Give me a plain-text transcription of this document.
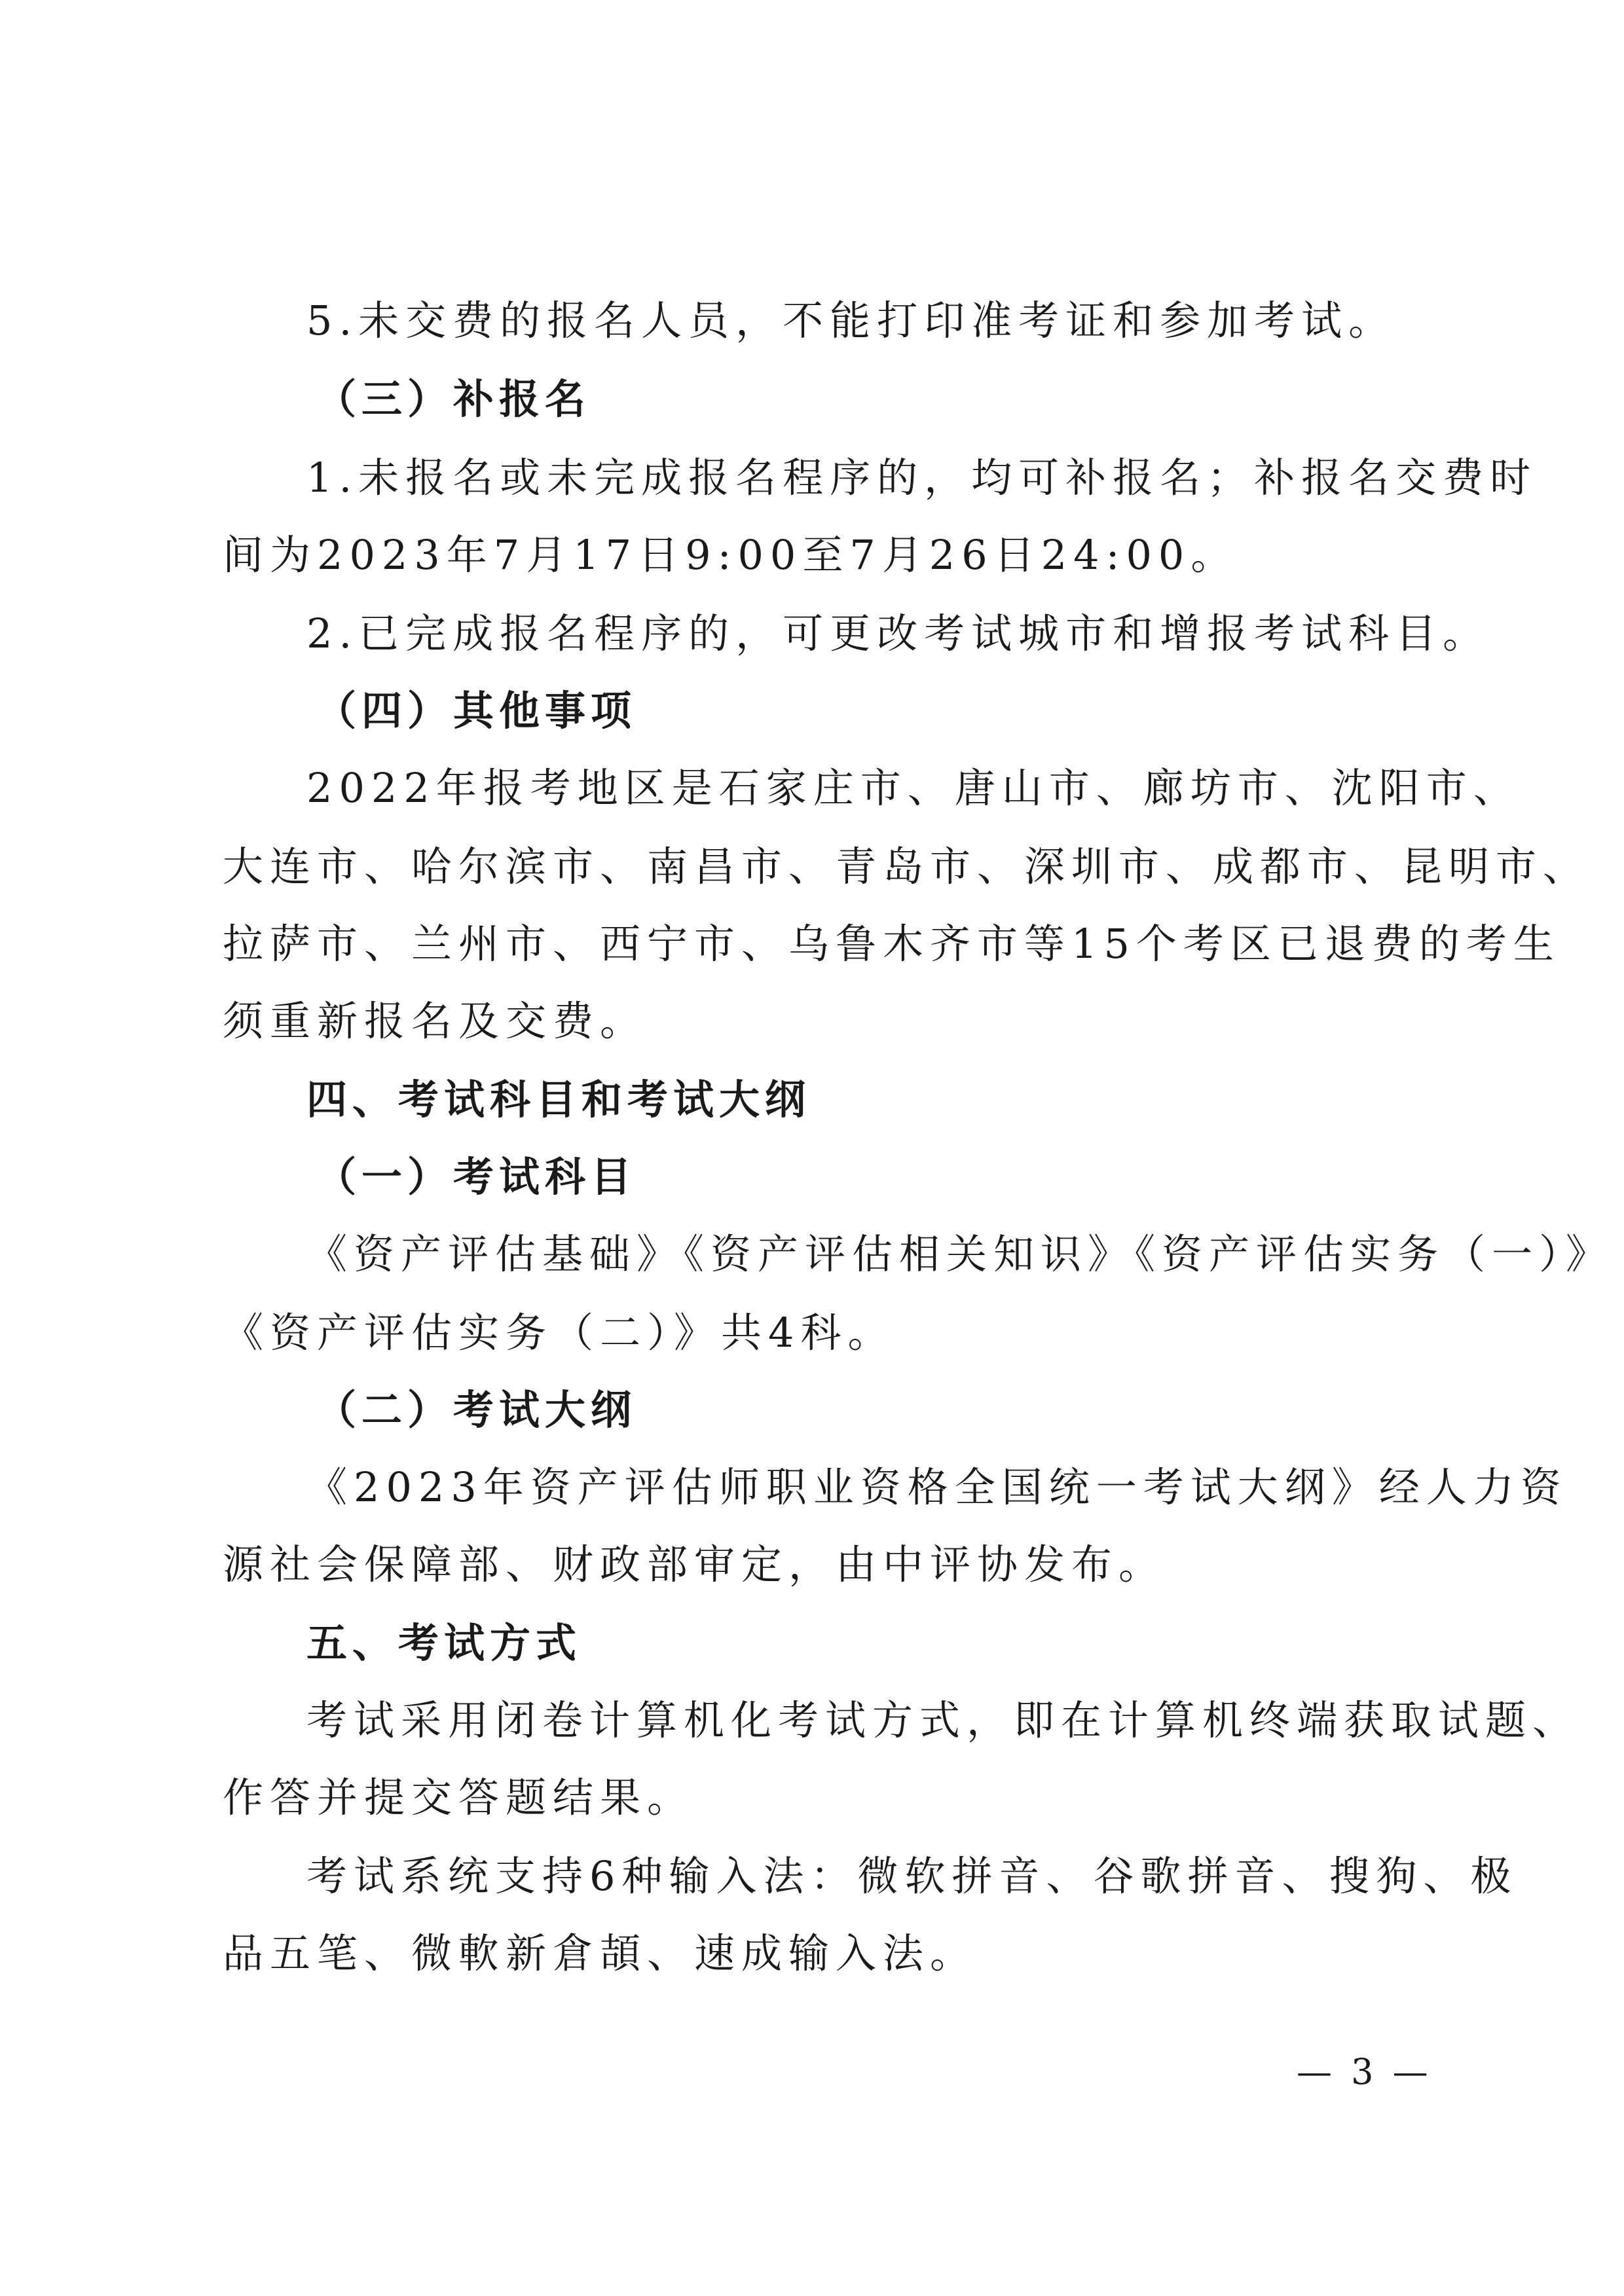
5.未交费的报名人员，不能打印准考证和参加考试。
（三）补报名
1.未报名或未完成报名程序的，均可补报名；补报名交费时
间为2023年7月17日9:00至7月26日24:00。
2.已完成报名程序的，可更改考试城市和增报考试科目。
（四）其他事项
2022年报考地区是石家庄市、唐山市、廊坊市、沈阳市、
大连市、哈尔滨市、南昌市、青岛市、深圳市、成都市、昆明市、
拉萨市、兰州市、西宁市、乌鲁木齐市等15个考区已退费的考生
须重新报名及交费。
四、考试科目和考试大纲
（一）考试科目
《资产评估基础》《资产评估相关知识》《资产评估实务（一）》
《资产评估实务（二）》共4科。
（二）考试大纲
《2023年资产评估师职业资格全国统一考试大纲》经人力资
源社会保障部、财政部审定，由中评协发布。
五、考试方式
考试采用闭卷计算机化考试方式，即在计算机终端获取试题、
作答并提交答题结果。
考试系统支持6种输入法：微软拼音、谷歌拼音、搜狗、极
品五笔、微軟新倉頡、速成输入法。
— 3 —
